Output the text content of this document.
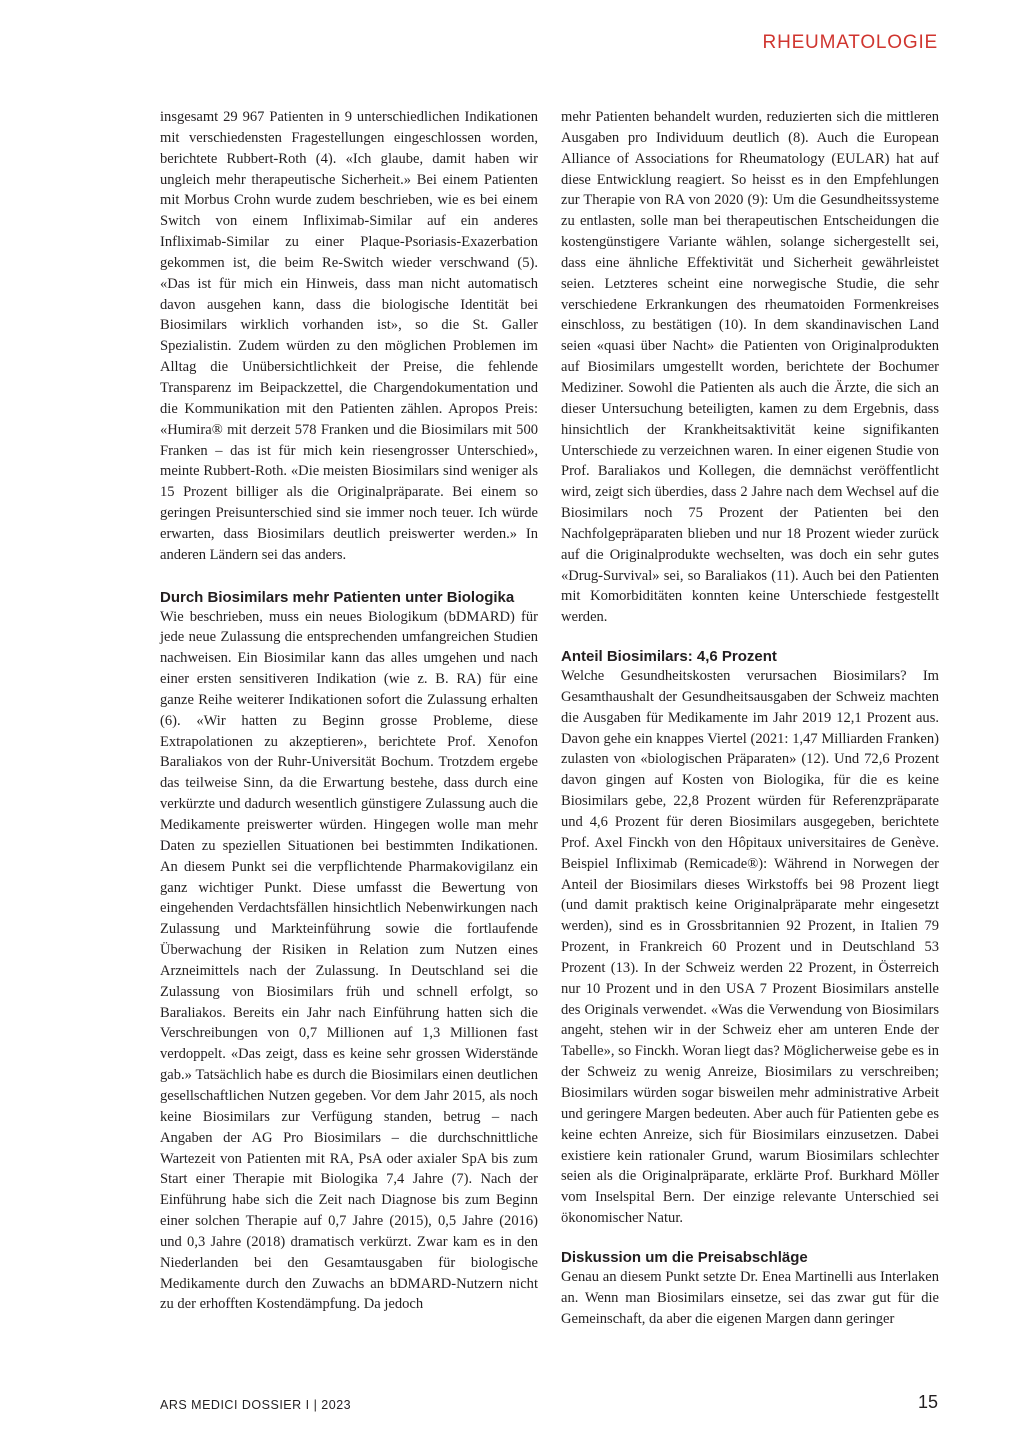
RHEUMATOLOGIE

insgesamt 29 967 Patienten in 9 unterschiedlichen Indikationen mit verschiedensten Fragestellungen eingeschlossen worden, berichtete Rubbert-Roth (4). «Ich glaube, damit haben wir ungleich mehr therapeutische Sicherheit.» Bei einem Patienten mit Morbus Crohn wurde zudem beschrieben, wie es bei einem Switch von einem Infliximab-Similar auf ein anderes Infliximab-Similar zu einer Plaque-Psoriasis-Exazerbation gekommen ist, die beim Re-Switch wieder verschwand (5). «Das ist für mich ein Hinweis, dass man nicht automatisch davon ausgehen kann, dass die biologische Identität bei Biosimilars wirklich vorhanden ist», so die St. Galler Spezialistin. Zudem würden zu den möglichen Problemen im Alltag die Unübersichtlichkeit der Preise, die fehlende Transparenz im Beipackzettel, die Chargendokumentation und die Kommunikation mit den Patienten zählen. Apropos Preis: «Humira® mit derzeit 578 Franken und die Biosimilars mit 500 Franken – das ist für mich kein riesengrosser Unterschied», meinte Rubbert-Roth. «Die meisten Biosimilars sind weniger als 15 Prozent billiger als die Originalpräparate. Bei einem so geringen Preisunterschied sind sie immer noch teuer. Ich würde erwarten, dass Biosimilars deutlich preiswerter werden.» In anderen Ländern sei das anders.

Durch Biosimilars mehr Patienten unter Biologika

Wie beschrieben, muss ein neues Biologikum (bDMARD) für jede neue Zulassung die entsprechenden umfangreichen Studien nachweisen. Ein Biosimilar kann das alles umgehen und nach einer ersten sensitiveren Indikation (wie z. B. RA) für eine ganze Reihe weiterer Indikationen sofort die Zulassung erhalten (6). «Wir hatten zu Beginn grosse Probleme, diese Extrapolationen zu akzeptieren», berichtete Prof. Xenofon Baraliakos von der Ruhr-Universität Bochum. Trotzdem ergebe das teilweise Sinn, da die Erwartung bestehe, dass durch eine verkürzte und dadurch wesentlich günstigere Zulassung auch die Medikamente preiswerter würden. Hingegen wolle man mehr Daten zu speziellen Situationen bei bestimmten Indikationen. An diesem Punkt sei die verpflichtende Pharmakovigilanz ein ganz wichtiger Punkt. Diese umfasst die Bewertung von eingehenden Verdachtsfällen hinsichtlich Nebenwirkungen nach Zulassung und Markteinführung sowie die fortlaufende Überwachung der Risiken in Relation zum Nutzen eines Arzneimittels nach der Zulassung. In Deutschland sei die Zulassung von Biosimilars früh und schnell erfolgt, so Baraliakos. Bereits ein Jahr nach Einführung hatten sich die Verschreibungen von 0,7 Millionen auf 1,3 Millionen fast verdoppelt. «Das zeigt, dass es keine sehr grossen Widerstände gab.» Tatsächlich habe es durch die Biosimilars einen deutlichen gesellschaftlichen Nutzen gegeben. Vor dem Jahr 2015, als noch keine Biosimilars zur Verfügung standen, betrug – nach Angaben der AG Pro Biosimilars – die durchschnittliche Wartezeit von Patienten mit RA, PsA oder axialer SpA bis zum Start einer Therapie mit Biologika 7,4 Jahre (7). Nach der Einführung habe sich die Zeit nach Diagnose bis zum Beginn einer solchen Therapie auf 0,7 Jahre (2015), 0,5 Jahre (2016) und 0,3 Jahre (2018) dramatisch verkürzt. Zwar kam es in den Niederlanden bei den Gesamtausgaben für biologische Medikamente durch den Zuwachs an bDMARD-Nutzern nicht zu der erhofften Kostendämpfung. Da jedoch

mehr Patienten behandelt wurden, reduzierten sich die mittleren Ausgaben pro Individuum deutlich (8). Auch die European Alliance of Associations for Rheumatology (EULAR) hat auf diese Entwicklung reagiert. So heisst es in den Empfehlungen zur Therapie von RA von 2020 (9): Um die Gesundheitssysteme zu entlasten, solle man bei therapeutischen Entscheidungen die kostengünstigere Variante wählen, solange sichergestellt sei, dass eine ähnliche Effektivität und Sicherheit gewährleistet seien. Letzteres scheint eine norwegische Studie, die sehr verschiedene Erkrankungen des rheumatoiden Formenkreises einschloss, zu bestätigen (10). In dem skandinavischen Land seien «quasi über Nacht» die Patienten von Originalprodukten auf Biosimilars umgestellt worden, berichtete der Bochumer Mediziner. Sowohl die Patienten als auch die Ärzte, die sich an dieser Untersuchung beteiligten, kamen zu dem Ergebnis, dass hinsichtlich der Krankheitsaktivität keine signifikanten Unterschiede zu verzeichnen waren. In einer eigenen Studie von Prof. Baraliakos und Kollegen, die demnächst veröffentlicht wird, zeigt sich überdies, dass 2 Jahre nach dem Wechsel auf die Biosimilars noch 75 Prozent der Patienten bei den Nachfolgepräparaten blieben und nur 18 Prozent wieder zurück auf die Originalprodukte wechselten, was doch ein sehr gutes «Drug-Survival» sei, so Baraliakos (11). Auch bei den Patienten mit Komorbiditäten konnten keine Unterschiede festgestellt werden.

Anteil Biosimilars: 4,6 Prozent

Welche Gesundheitskosten verursachen Biosimilars? Im Gesamthaushalt der Gesundheitsausgaben der Schweiz machten die Ausgaben für Medikamente im Jahr 2019 12,1 Prozent aus. Davon gehe ein knappes Viertel (2021: 1,47 Milliarden Franken) zulasten von «biologischen Präparaten» (12). Und 72,6 Prozent davon gingen auf Kosten von Biologika, für die es keine Biosimilars gebe, 22,8 Prozent würden für Referenzpräparate und 4,6 Prozent für deren Biosimilars ausgegeben, berichtete Prof. Axel Finckh von den Hôpitaux universitaires de Genève. Beispiel Infliximab (Remicade®): Während in Norwegen der Anteil der Biosimilars dieses Wirkstoffs bei 98 Prozent liegt (und damit praktisch keine Originalpräparate mehr eingesetzt werden), sind es in Grossbritannien 92 Prozent, in Italien 79 Prozent, in Frankreich 60 Prozent und in Deutschland 53 Prozent (13). In der Schweiz werden 22 Prozent, in Österreich nur 10 Prozent und in den USA 7 Prozent Biosimilars anstelle des Originals verwendet. «Was die Verwendung von Biosimilars angeht, stehen wir in der Schweiz eher am unteren Ende der Tabelle», so Finckh. Woran liegt das? Möglicherweise gebe es in der Schweiz zu wenig Anreize, Biosimilars zu verschreiben; Biosimilars würden sogar bisweilen mehr administrative Arbeit und geringere Margen bedeuten. Aber auch für Patienten gebe es keine echten Anreize, sich für Biosimilars einzusetzen. Dabei existiere kein rationaler Grund, warum Biosimilars schlechter seien als die Originalpräparate, erklärte Prof. Burkhard Möller vom Inselspital Bern. Der einzige relevante Unterschied sei ökonomischer Natur.

Diskussion um die Preisabschläge

Genau an diesem Punkt setzte Dr. Enea Martinelli aus Interlaken an. Wenn man Biosimilars einsetze, sei das zwar gut für die Gemeinschaft, da aber die eigenen Margen dann geringer

ARS MEDICI DOSSIER I | 2023	15
